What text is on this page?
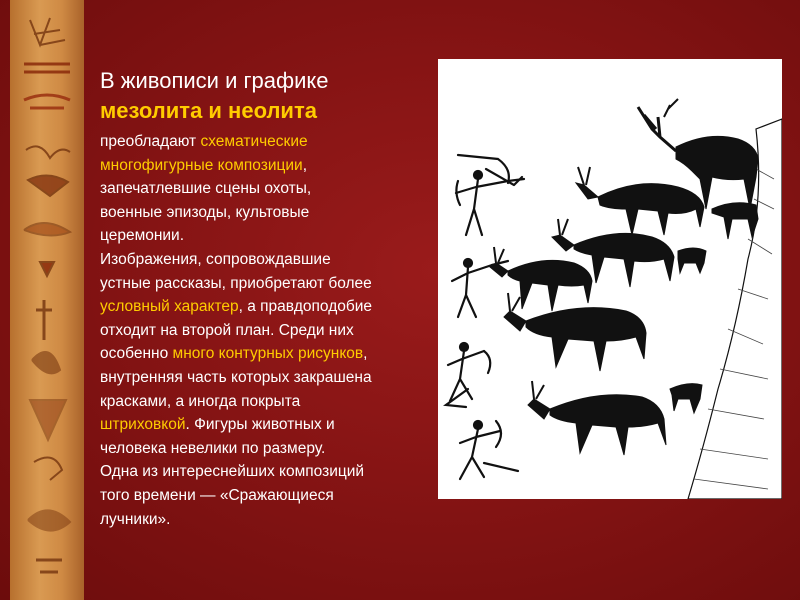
В живописи и графике
мезолита и неолита
преобладают схематические
многофигурные композиции,
запечатлевшие сцены охоты,
военные эпизоды, культовые
церемонии.
Изображения, сопровождавшие
устные рассказы, приобретают более
условный характер, а правдоподобие
отходит на второй план. Среди них
особенно много контурных рисунков,
внутренняя часть которых закрашена
красками, а иногда покрыта
штриховкой. Фигуры животных и
человека невелики по размеру.
Одна из интереснейших композиций
того времени — «Сражающиеся
лучники».
